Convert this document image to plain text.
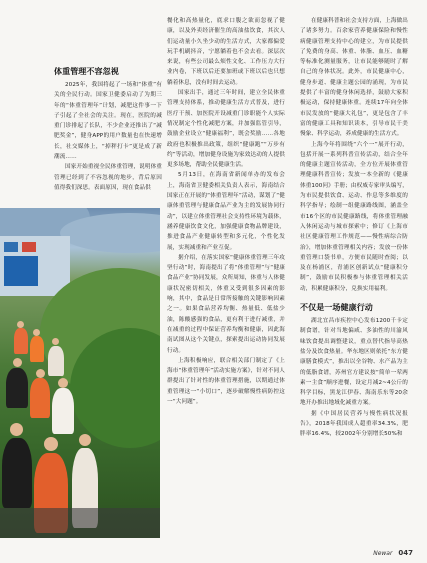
体重管理不容忽视

2025年，我国将起了一场和“体重”有关的全民行动。国家卫健委启动了为期三年的“体重管理年”计划，减肥这件事一下子引起了全社会的关注。现在，医院的减重门诊排起了长队，不少企业还推出了“减肥奖金”，健身APP的用户数量也在快速增长，社交媒体上，“掉秤打卡”更是成了新潮流……

国家开始重视全民体重管理，说明体重管理已经到了不容忽视的地步，背后原因值得我们深思。表面原因，现在食品供

餐化和高热量化，底求口腹之欲而忽视了健康，以及外卖经济催生的高油盐饮食，其次人们运动量小久坐少动的生活方式，大家都偏爱玩手机刷抖音，宁愿躺着也不会去看。深层次来说，有些公司最么烦性文化、工作压力大行业内卷，下班以后还要加班或下班以后也只想躺着休息，没有时间去运动。

国家出手，通过三年时间，建立全民体重管理支持体系，推动健康生活方式普及，进行医疗干预、加医院开设减重门诊职能个人实际情况制定个性化减肥方案，并加强监管引导，鼓励企业设立“健康福利”，既会奖励……各地政府也积极推出政策，组织“健康跑”“万步有约”等活动，增加健身设施为家效达动的人提供更多场地，帮助全民健康生活。

5月13日，在海南省新闻单办的发布会上，海南省卫健委相关负责人表示，海南结合国家正在开展的“体重管理年”活动，谋划了“健康体重管理与健康食品产业为主的发展协同行动”，以建立体重管理社会支持性环境为载体，涵养健康饮食文化，加强健康食物品牌建设，推进食品产业健康转型和多元化，个性化发展，实现减重和产业互促。

据介绍，在落实国家“健康体重管理三年攻坚行动”时，海南提出了将“体重管理”与“健康食品产业”协同发展，众所周知，体重与人体健康状况密切相关，体重又受到很多因素的影响，其中，食品是日常所接触的关键影响因素之一。如果食品营养均衡、热量低、低盐少油，陈酸感强的食品，更有利于进行减重，并在减重的过程中保证营养均衡和健康，因此海南试图从这个关键点，探索提出运动协同发展行动。

上海积极响应，联合相关部门制定了《上海市“体重管理年”活动实施方案》，针对不同人群提出了针对性的体重管理措施，以期通过体重管理这一“小切口”，逐步破解慢性病防控这一“大问题”。

在健康科普和社会支持方面，上海做出了诸多努力。百余家营养健康保险和慢性病健康管理支持中心的建立，为市民提供了免费的身高、体重、体脂、血压、血糖等标准化测量服务，让市民能够随时了解自己的身体状况。此外，市民健康中心，健身步道、健康主题公园的涌现，为市民提供了丰富的健身休闲选择，鼓励大家积极运动，保持健康体重。连续17年向全体市民发放的“健康大礼包”，更是包含了丰富的健康工具和知识读本，引导市民干美慢象、科学运动，养成健康的生活方式。

上海今年将围绕“六个一”展开行动，包括开展一系列科普宣传活动，结合全年的健康主题宣传活动，全方位开展体重管理健康科普宣传；发放一本全新的《健康体重100问》手册；由权威专家审头编写，为市民提供饮食、运动、作息等多维度的科学指导；绘制一组健康路线图，涵盖全市16个区的市民健康路线，将体重管理融入休闲运动与城市探索中；修订《上海市社区健康管理工作规范——慢性病综合防治》，增加体重管理相关内容；发放一份体重管理口袋书单，方便市民随时查阅；以及在杨浦区，青浦区创新试点“健康积分制”，鼓励市民积极参与体重管理相关活动，积累健康积分，兑换实用福利。

不仅是一场健康行动

湖北宜昌市疾控中心发布1200千卡定制食谱，针对当地偏咸、多油性的川渝风味饮食提出调整建议，重点替代指导高热盐分及饮食热量。华东地区则依托“东方健康膳食模式”，推出以全谷物、水产品为主的低脂食谱，苏州官方建议按“简单一荤两素一主食”顺序进餐，设定月减2~4公斤的科学目标，黑龙江伊春、海南乐东等20余地开办推出地域化减重方案。

据《中国居民营养与慢性病状况报告》，2018年我国成人超重率34.3%，肥胖率16.4%，较2002年分别增长50%和

Newar 047
